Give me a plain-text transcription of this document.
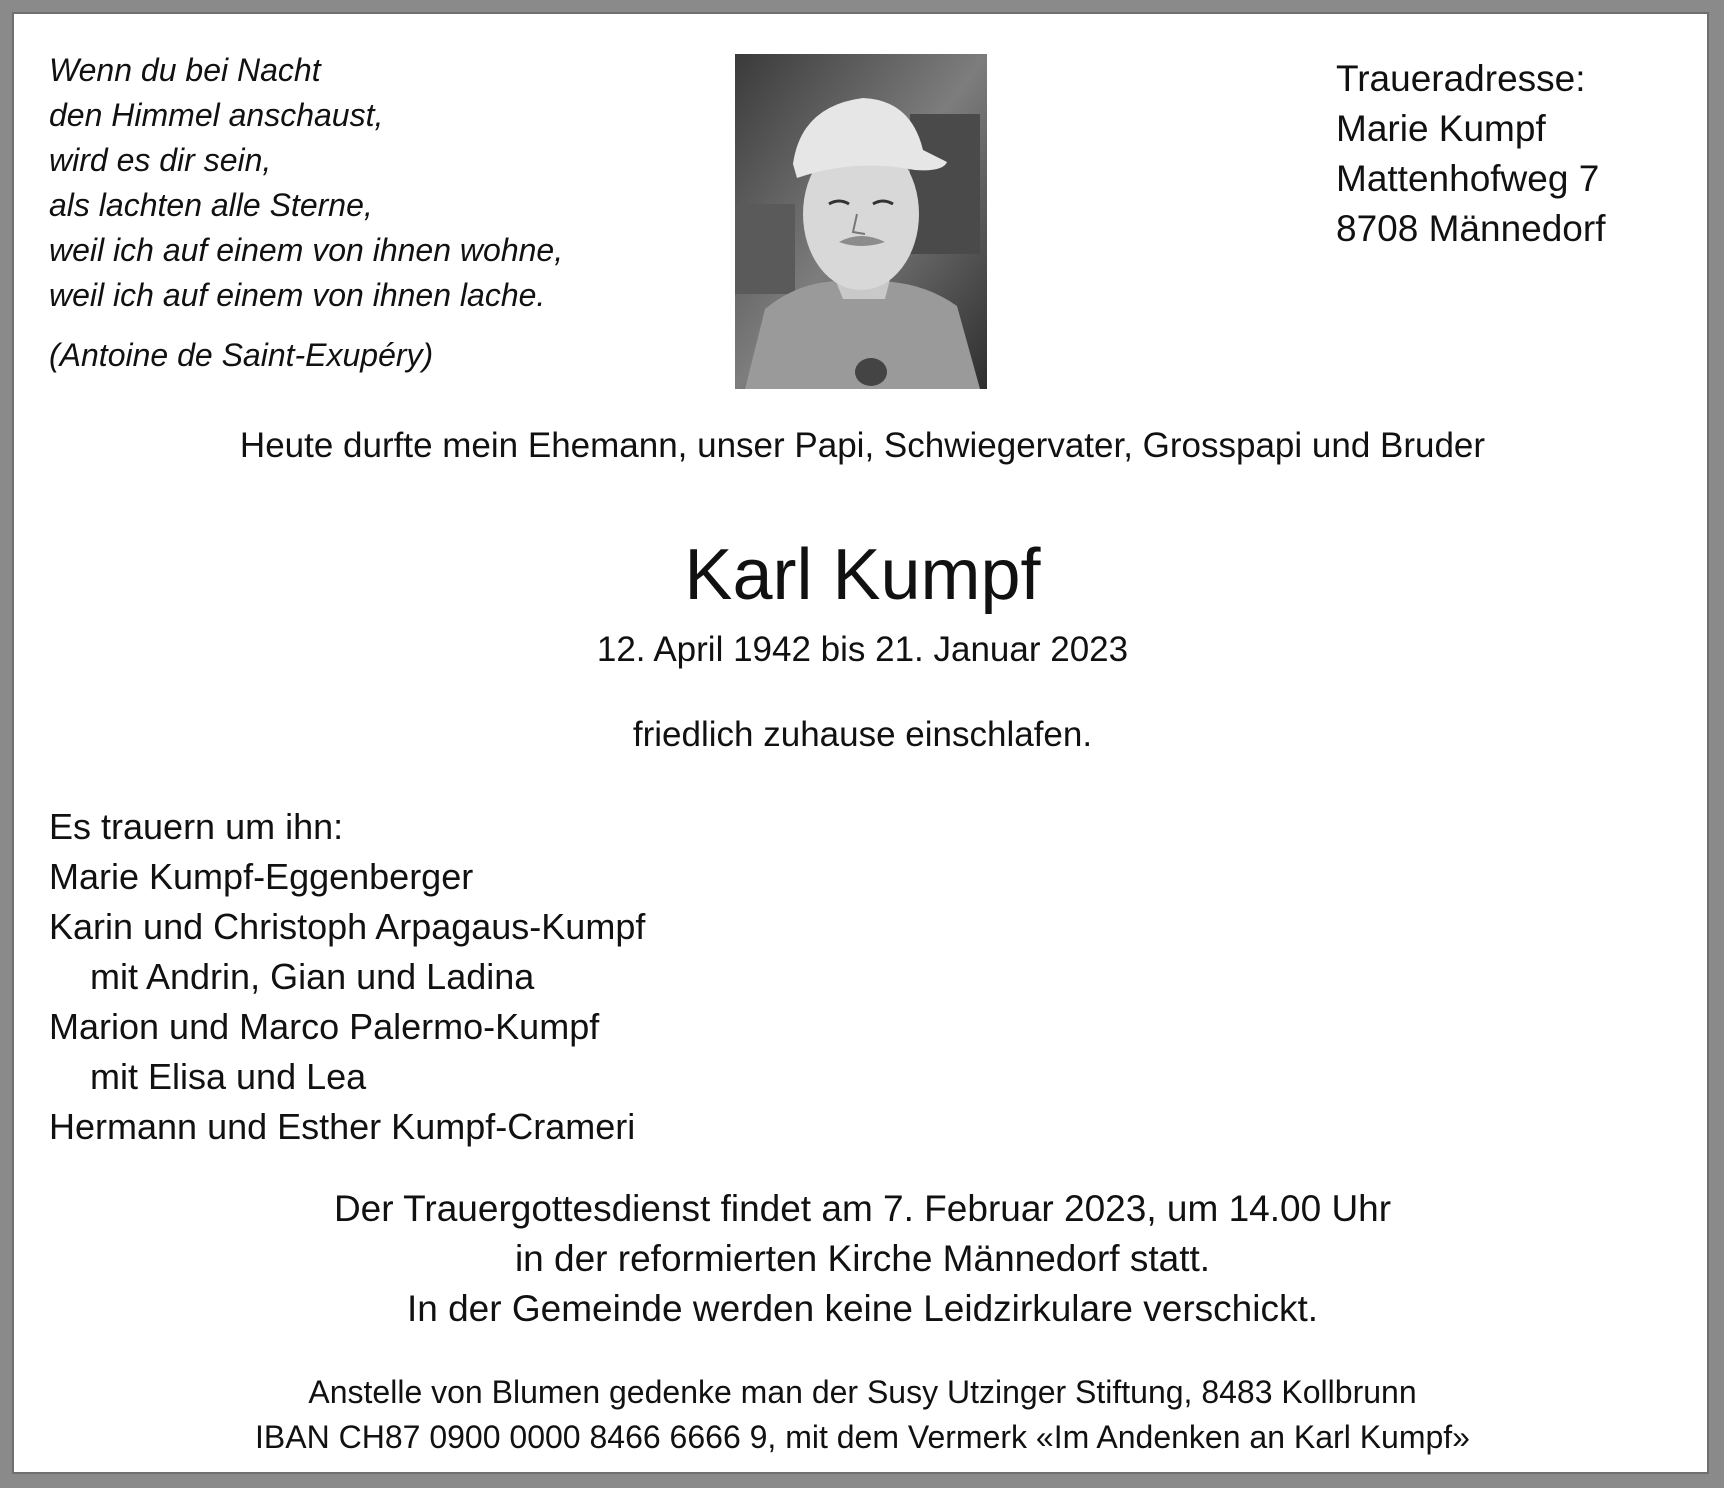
Wenn du bei Nacht
den Himmel anschaust,
wird es dir sein,
als lachten alle Sterne,
weil ich auf einem von ihnen wohne,
weil ich auf einem von ihnen lache.
(Antoine de Saint-Exupéry)
Traueradresse:
Marie Kumpf
Mattenhofweg 7
8708 Männedorf
Heute durfte mein Ehemann, unser Papi, Schwiegervater, Grosspapi und Bruder
Karl Kumpf
12. April 1942 bis 21. Januar 2023
friedlich zuhause einschlafen.
Es trauern um ihn:
Marie Kumpf-Eggenberger
Karin und Christoph Arpagaus-Kumpf
mit Andrin, Gian und Ladina
Marion und Marco Palermo-Kumpf
mit Elisa und Lea
Hermann und Esther Kumpf-Crameri
Der Trauergottesdienst findet am 7. Februar 2023, um 14.00 Uhr
in der reformierten Kirche Männedorf statt.
In der Gemeinde werden keine Leidzirkulare verschickt.
Anstelle von Blumen gedenke man der Susy Utzinger Stiftung, 8483 Kollbrunn
IBAN CH87 0900 0000 8466 6666 9, mit dem Vermerk «Im Andenken an Karl Kumpf»
